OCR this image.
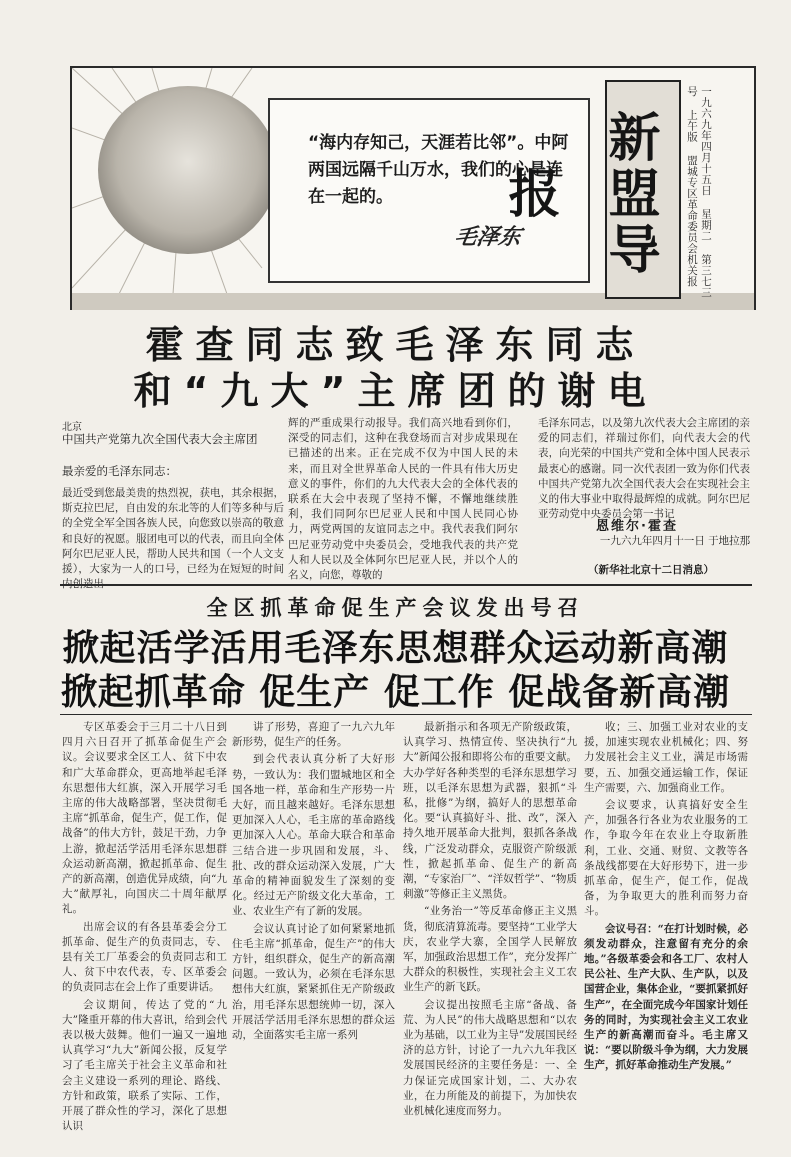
“海内存知己，天涯若比邻”。中阿两国远隔千山万水，我们的心是连在一起的。
毛泽东 新盟导报	一九六九年四月十五日 星期二 第三七三号 上午版 盟城专区革命委员会机关报
霍查同志致毛泽东同志
和“九大”主席团的谢电
北京
中国共产党第九次全国代表大会主席团
最亲爱的毛泽东同志：
最近受到您最美贵的热烈祝，获电，其余根据，斯克拉巴尼，自由发的东北等的人们等多种与后的全党全军全国各族人民，向您致以崇高的敬意和良好的祝愿。服团电可以的代表，而且向全体阿尔巴尼亚人民，帮助人民共和国（一个人文支援），大家为一人的口号，已经为在短短的时间
辉的严重成果行动报导。我们高兴地看到你们，深受的同志们，这种在我登场而言对步成果现在已描述的出来。正在完成不仅为中国人民的未来，而且对全世界革命人民的一件具有伟大历史意义的事件，你们的九大代表大会的全体代表的联系在大会中表现了坚持不懈，不懈地继续胜利，我们同阿尔巴尼亚人民和中国人民同心协力，两党两国的友谊同志之中。我代表我们阿尔巴尼亚劳动党中央委员会，受地我代表的共产党人和人民以及全体阿尔巴尼亚人民，并以个人的名义，向您，尊敬的
毛泽东同志，以及第九次代表大会主席团的亲爱的同志们，祥瑞过你们，向代表大会的代表，向光荣的中国共产党和全体中国人民表示最衷心的感谢。同一次代表团一致为你们代表中国共产党第九次全国代表大会在实现社会主义的伟大事业中取得最辉煌的成就。阿尔巴尼亚劳动党中央委员会第一书记
恩维尔·霍查
一九六九年四月十一日 于地拉那
（新华社北京十二日消息）
全区抓革命促生产会议发出号召
掀起活学活用毛泽东思想群众运动新高潮
掀起抓革命 促生产 促工作 促战备新高潮

专区革委会于三月二十八日到四月六日召开了抓革命促生产会议。会议要求全区工人、贫下中农和广大革命群众，更高地举起毛泽东思想伟大红旗，深入开展学习毛主席的伟大战略部署，坚决贯彻毛主席“抓革命，促生产，促工作，促战备”的伟大方针，鼓足干劲，力争上游，掀起活学活用毛泽东思想群众运动新高潮，掀起抓革命、促生产的新高潮，创造优异成绩，向“九大”献厚礼，向国庆二十周年献厚礼。

出席会议的有各县革委会分工抓革命、促生产的负责同志，专、县有关工厂革委会的负责同志和工人、贫下中农代表，专、区革委会的负责同志在会上作了重要讲话。

会议期间，传达了党的“九大”隆重开幕的伟大喜讯，给到会代表以极大鼓舞。他们一遍又一遍地认真学习“九大”新闻公报，反复学习了毛主席关于社会主义革命和社会主义建设一系列的理论、路线、方针和政策，联系了实际、工作，开展了群众性的学习，深化了思想认识

讲了形势，喜迎了一九六九年新形势，促生产的任务。

到会代表认真分析了大好形势，一致认为：我们盟城地区和全国各地一样，革命和生产形势一片大好，而且越来越好。毛泽东思想更加深入人心，毛主席的革命路线更加深入人心。革命大联合和革命三结合进一步巩固和发展，斗、批、改的群众运动深入发展，广大革命的精神面貌发生了深刻的变化。经过无产阶级文化大革命，工业、农业生产有了新的发展。

会议认真讨论了如何紧紧地抓住毛主席“抓革命，促生产”的伟大方针，组织群众，促生产的新高潮问题。一致认为，必须在毛泽东思想伟大红旗，紧紧抓住无产阶级政治，用毛泽东思想统帅一切，深入开展活学活用毛泽东思想的群众运动，全面落实毛主席一系列

最新指示和各项无产阶级政策，认真学习、热情宣传、坚决执行“九大”新闻公报和即将公布的重要文献。大办学好各种类型的毛泽东思想学习班，以毛泽东思想为武器，狠抓“斗私，批修”为纲，搞好人的思想革命化。要“认真搞好斗、批、改”，深入持久地开展革命大批判，狠抓各条战线，广泛发动群众，克服资产阶级派性，掀起抓革命、促生产的新高潮，“专家治厂”、“洋奴哲学”、“物质刺激”等修正主义黑货。

“业务治一”等反革命修正主义黑货，彻底清算流毒。要坚持“工业学大庆，农业学大寨，全国学人民解放军，加强政治思想工作”，充分发挥广大群众的积极性，实现社会主义工农业生产的新飞跃。

会议提出按照毛主席“备战、备荒、为人民”的伟大战略思想和“以农业为基础，以工业为主导”发展国民经济的总方针，讨论了一九六九年我区发展国民经济的主要任务是：一、全力保证完成国家计划，二、大办农业，在力所能及的前提下，为加快农业机械化速度而努力。

收；三、加强工业对农业的支援，加速实现农业机械化；四、努力发展社会主义工业，满足市场需要，五、加强交通运输工作，保证生产需要，六、加强商业工作。

会议要求，认真搞好安全生产，加强各行各业为农业服务的工作，争取今年在农业上夺取新胜利，工业、交通、财贸、文教等各条战线都要在大好形势下，进一步抓革命，促生产，促工作，促战备，为争取更大的胜利而努力奋斗。

会议号召：“在打计划时候，必须发动群众，注意留有充分的余地。”各级革委会和各工厂、农村人民公社、生产大队、生产队，以及国营企业，集体企业，“要抓紧抓好生产”，在全面完成今年国家计划任务的同时，为实现社会主义工农业生产的新高潮而奋斗。毛主席又说：“要以阶级斗争为纲，大力发展生产，抓好革命推动生产发展。”
